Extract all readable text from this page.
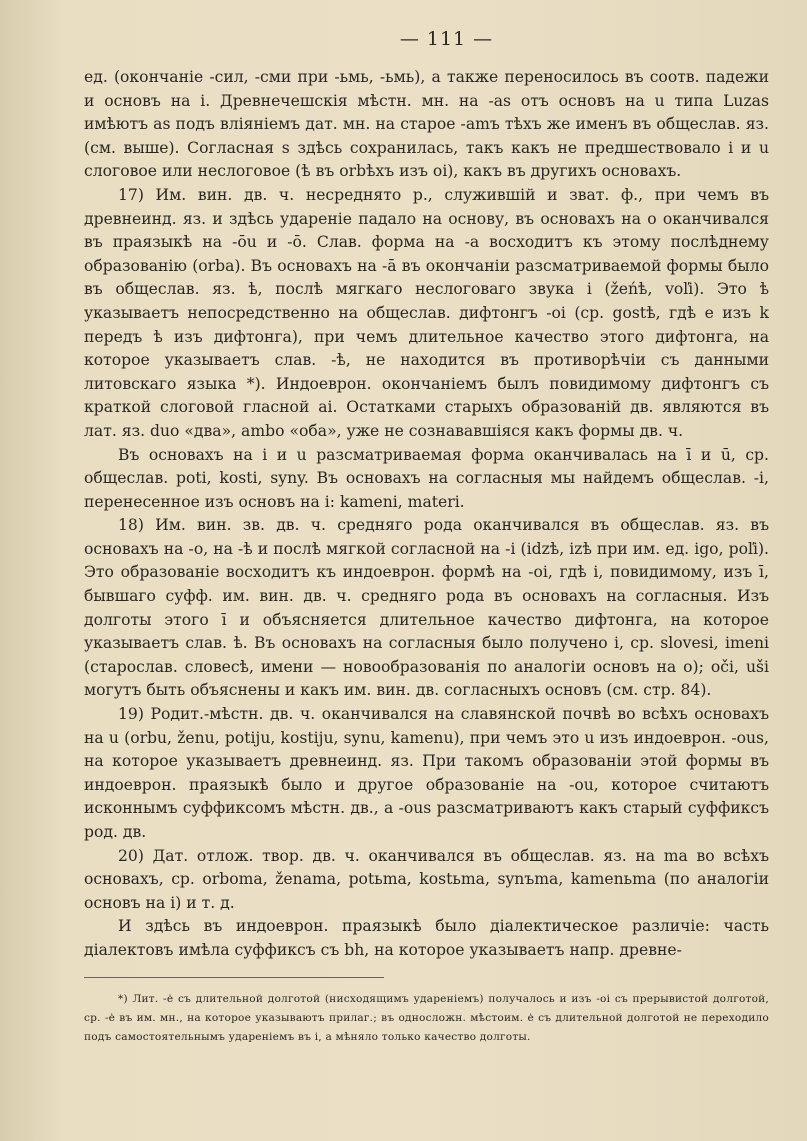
— 111 —

ед. (окончаніе -сил, -сми при -ьмь, -ьмь), а также переносилось въ соотв. падежи и основъ на і. Древнечешскія мѣстн. мн. на -as отъ основъ на u типа Luzas имѣютъ as подъ вліяніемъ дат. мн. на старое -amъ тѣхъ же именъ въ общеслав. яз. (см. выше). Согласная s здѣсь сохранилась, такъ какъ не предшествовало і и u слоговое или неслоговое (ѣ въ orbѣхъ изъ oi), какъ въ другихъ основахъ.

17) Им. вин. дв. ч. несреднято р., служившій и зват. ф., при чемъ въ древнеинд. яз. и здѣсь удареніе падало на основу, въ основахъ на о оканчивался въ праязыкѣ на -ōu и -ō. Слав. форма на -а восходитъ къ этому послѣднему образованію (orba). Въ основахъ на -ā въ окончаніи разсматриваемой формы было въ общеслав. яз. ѣ, послѣ мягкаго неслоговаго звука і (žeńѣ, voľi). Это ѣ указываетъ непосредственно на общеслав. дифтонгъ -oi (ср. gostѣ, гдѣ е изъ k передъ ѣ изъ дифтонга), при чемъ длительное качество этого дифтонга, на которое указываетъ слав. -ѣ, не находится въ противорѣчіи съ данными литовскаго языка *). Индоеврон. окончаніемъ былъ повидимому дифтонгъ съ краткой слоговой гласной ai. Остатками старыхъ образованій дв. являются въ лат. яз. duo «два», ambo «оба», уже не сознававшіяся какъ формы дв. ч.

Въ основахъ на і и u разсматриваемая форма оканчивалась на ī и ū, ср. общеслав. poti, kosti, syny. Въ основахъ на согласныя мы найдемъ общеслав. -i, перенесенное изъ основъ на і: kameni, materi.

18) Им. вин. зв. дв. ч. средняго рода оканчивался въ общеслав. яз. въ основахъ на -о, на -ѣ и послѣ мягкой согласной на -і (idzѣ, izѣ при им. ед. igo, poľi). Это образованіе восходитъ къ индоеврон. формѣ на -oi, гдѣ i, повидимому, изъ ī, бывшаго суфф. им. вин. дв. ч. средняго рода въ основахъ на согласныя. Изъ долготы этого ī и объясняется длительное качество дифтонга, на которое указываетъ слав. ѣ. Въ основахъ на согласныя было получено і, ср. slovesi, imeni (старослав. словесѣ, имени — новообразованія по аналогіи основъ на о); oči, uši могутъ быть объяснены и какъ им. вин. дв. согласныхъ основъ (см. стр. 84).

19) Родит.-мѣстн. дв. ч. оканчивался на славянской почвѣ во всѣхъ основахъ на u (orbu, ženu, potiju, kostiju, synu, kamenu), при чемъ это u изъ индоеврон. -ous, на которое указываетъ древнеинд. яз. При такомъ образованіи этой формы въ индоеврон. праязыкѣ было и другое образованіе на -ou, которое считаютъ исконнымъ суффиксомъ мѣстн. дв., а -ous разсматриваютъ какъ старый суффиксъ род. дв.

20) Дат. отлож. твор. дв. ч. оканчивался въ общеслав. яз. на ma во всѣхъ основахъ, ср. orboma, ženama, potьma, kostьma, synъma, kamenьma (по аналогіи основъ на і) и т. д.

И здѣсь въ индоеврон. праязыкѣ было діалектическое различіе: часть діалектовъ имѣла суффиксъ съ bh, на которое указываетъ напр. древне-

*) Лит. -ė съ длительной долготой (нисходящимъ удареніемъ) получалось и изъ -oi съ прерывистой долготой, ср. -ė въ им. мн., на которое указываютъ прилаг.; въ односложн. мѣстоим. ė съ длительной долготой не переходило подъ самостоятельнымъ удареніемъ въ і, а мѣняло только качество долготы.
